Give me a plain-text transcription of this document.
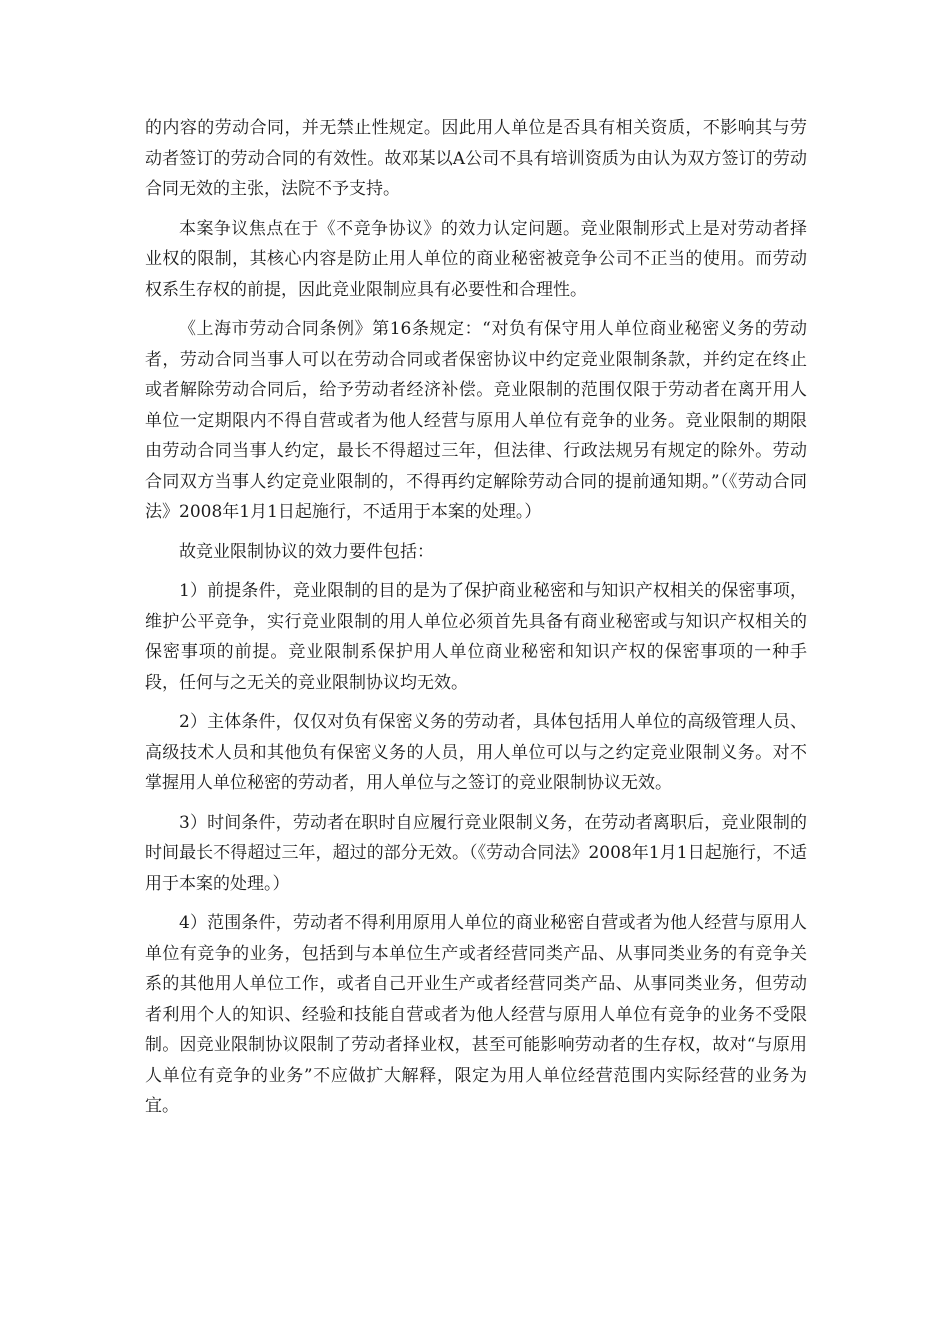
的内容的劳动合同，并无禁止性规定。因此用人单位是否具有相关资质，不影响其与劳动者签订的劳动合同的有效性。故邓某以A公司不具有培训资质为由认为双方签订的劳动合同无效的主张，法院不予支持。

本案争议焦点在于《不竞争协议》的效力认定问题。竞业限制形式上是对劳动者择业权的限制，其核心内容是防止用人单位的商业秘密被竞争公司不正当的使用。而劳动权系生存权的前提，因此竞业限制应具有必要性和合理性。

《上海市劳动合同条例》第16条规定：“对负有保守用人单位商业秘密义务的劳动者，劳动合同当事人可以在劳动合同或者保密协议中约定竞业限制条款，并约定在终止或者解除劳动合同后，给予劳动者经济补偿。竞业限制的范围仅限于劳动者在离开用人单位一定期限内不得自营或者为他人经营与原用人单位有竞争的业务。竞业限制的期限由劳动合同当事人约定，最长不得超过三年，但法律、行政法规另有规定的除外。劳动合同双方当事人约定竞业限制的，不得再约定解除劳动合同的提前通知期。”（《劳动合同法》2008年1月1日起施行，不适用于本案的处理。）

故竞业限制协议的效力要件包括：

1）前提条件，竞业限制的目的是为了保护商业秘密和与知识产权相关的保密事项，维护公平竞争，实行竞业限制的用人单位必须首先具备有商业秘密或与知识产权相关的保密事项的前提。竞业限制系保护用人单位商业秘密和知识产权的保密事项的一种手段，任何与之无关的竞业限制协议均无效。

2）主体条件，仅仅对负有保密义务的劳动者，具体包括用人单位的高级管理人员、高级技术人员和其他负有保密义务的人员，用人单位可以与之约定竞业限制义务。对不掌握用人单位秘密的劳动者，用人单位与之签订的竞业限制协议无效。

3）时间条件，劳动者在职时自应履行竞业限制义务，在劳动者离职后，竞业限制的时间最长不得超过三年，超过的部分无效。（《劳动合同法》2008年1月1日起施行，不适用于本案的处理。）

4）范围条件，劳动者不得利用原用人单位的商业秘密自营或者为他人经营与原用人单位有竞争的业务，包括到与本单位生产或者经营同类产品、从事同类业务的有竞争关系的其他用人单位工作，或者自己开业生产或者经营同类产品、从事同类业务，但劳动者利用个人的知识、经验和技能自营或者为他人经营与原用人单位有竞争的业务不受限制。因竞业限制协议限制了劳动者择业权，甚至可能影响劳动者的生存权，故对“与原用人单位有竞争的业务”不应做扩大解释，限定为用人单位经营范围内实际经营的业务为宜。
